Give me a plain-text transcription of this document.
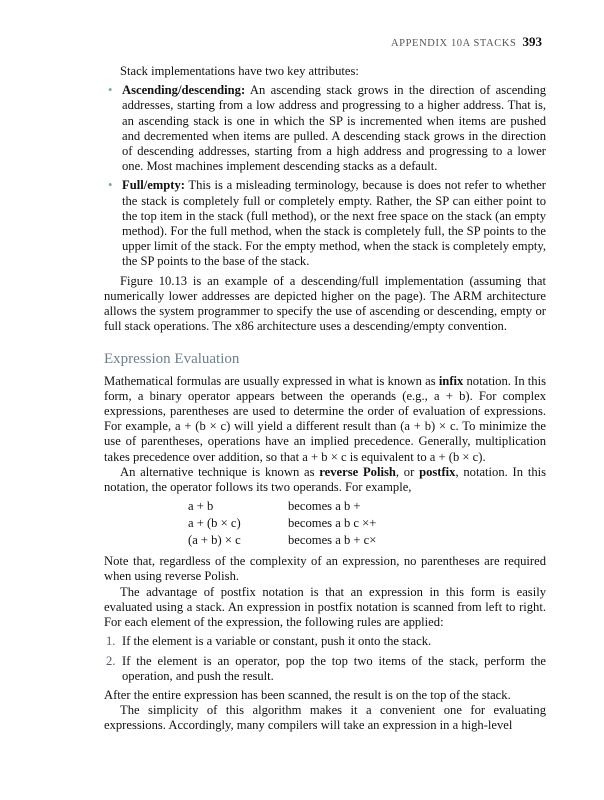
APPENDIX 10A STACKS 393

Stack implementations have two key attributes:

• Ascending/descending: An ascending stack grows in the direction of ascending addresses, starting from a low address and progressing to a higher address. That is, an ascending stack is one in which the SP is incremented when items are pushed and decremented when items are pulled. A descending stack grows in the direction of descending addresses, starting from a high address and progressing to a lower one. Most machines implement descending stacks as a default.
• Full/empty: This is a misleading terminology, because is does not refer to whether the stack is completely full or completely empty. Rather, the SP can either point to the top item in the stack (full method), or the next free space on the stack (an empty method). For the full method, when the stack is completely full, the SP points to the upper limit of the stack. For the empty method, when the stack is completely empty, the SP points to the base of the stack.

Figure 10.13 is an example of a descending/full implementation (assuming that numerically lower addresses are depicted higher on the page). The ARM architecture allows the system programmer to specify the use of ascending or descending, empty or full stack operations. The x86 architecture uses a descending/empty convention.

Expression Evaluation

Mathematical formulas are usually expressed in what is known as infix notation. In this form, a binary operator appears between the operands (e.g., a + b). For complex expressions, parentheses are used to determine the order of evaluation of expressions. For example, a + (b × c) will yield a different result than (a + b) × c. To minimize the use of parentheses, operations have an implied precedence. Generally, multiplication takes precedence over addition, so that a + b × c is equivalent to a + (b × c).

An alternative technique is known as reverse Polish, or postfix, notation. In this notation, the operator follows its two operands. For example,

a + b	becomes a b +
a + (b × c)	becomes a b c ×+
(a + b) × c	becomes a b + c×

Note that, regardless of the complexity of an expression, no parentheses are required when using reverse Polish.

The advantage of postfix notation is that an expression in this form is easily evaluated using a stack. An expression in postfix notation is scanned from left to right. For each element of the expression, the following rules are applied:

1. If the element is a variable or constant, push it onto the stack.
2. If the element is an operator, pop the top two items of the stack, perform the operation, and push the result.

After the entire expression has been scanned, the result is on the top of the stack.

The simplicity of this algorithm makes it a convenient one for evaluating expressions. Accordingly, many compilers will take an expression in a high-level
